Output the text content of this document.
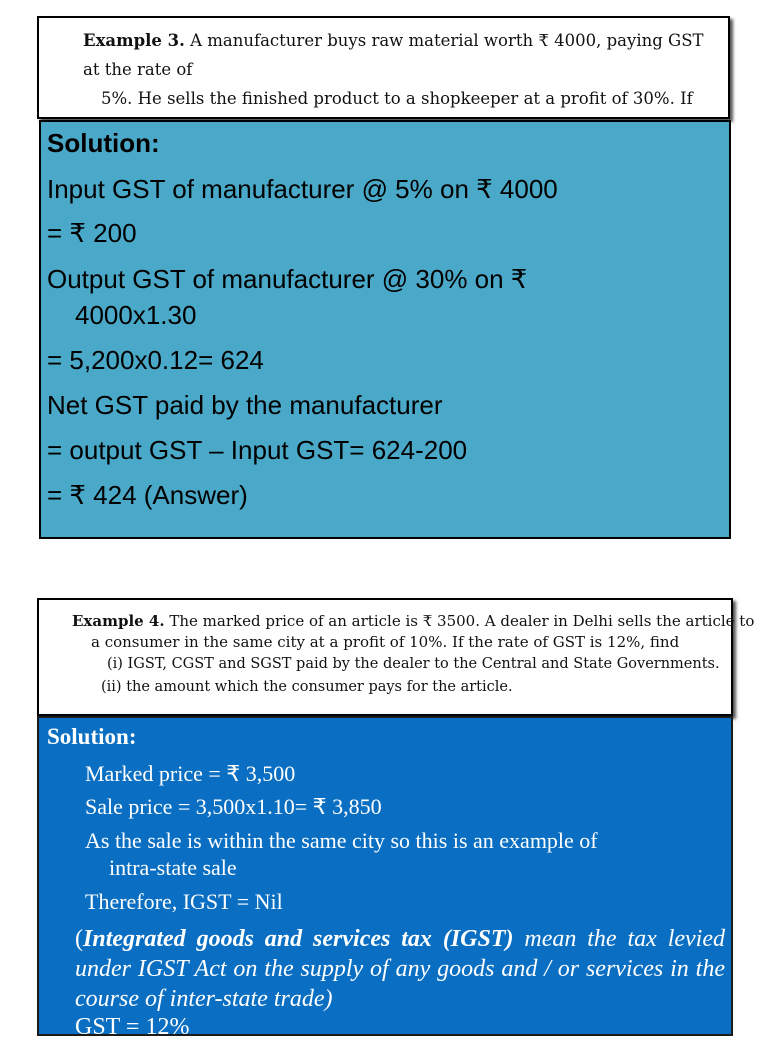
Example 3. A manufacturer buys raw material worth ₹ 4000, paying GST at the rate of
5%. He sells the finished product to a shopkeeper at a profit of 30%. If
Solution:
Input GST of manufacturer @ 5% on ₹ 4000
= ₹ 200
Output GST of manufacturer @ 30% on ₹
4000x1.30
= 5,200x0.12= 624
Net GST paid by the manufacturer
= output GST – Input GST= 624-200
= ₹ 424 (Answer)
Example 4. The marked price of an article is ₹ 3500. A dealer in Delhi sells the article to
a consumer in the same city at a profit of 10%. If the rate of GST is 12%, find
(i) IGST, CGST and SGST paid by the dealer to the Central and State Governments.
(ii) the amount which the consumer pays for the article.
Solution:
Marked price = ₹ 3,500
Sale price = 3,500x1.10= ₹ 3,850
As the sale is within the same city so this is an example of
intra-state sale
Therefore, IGST = Nil
(Integrated goods and services tax (IGST) mean the tax levied under IGST Act on the supply of any goods and / or services in the course of inter-state trade)
GST = 12%
